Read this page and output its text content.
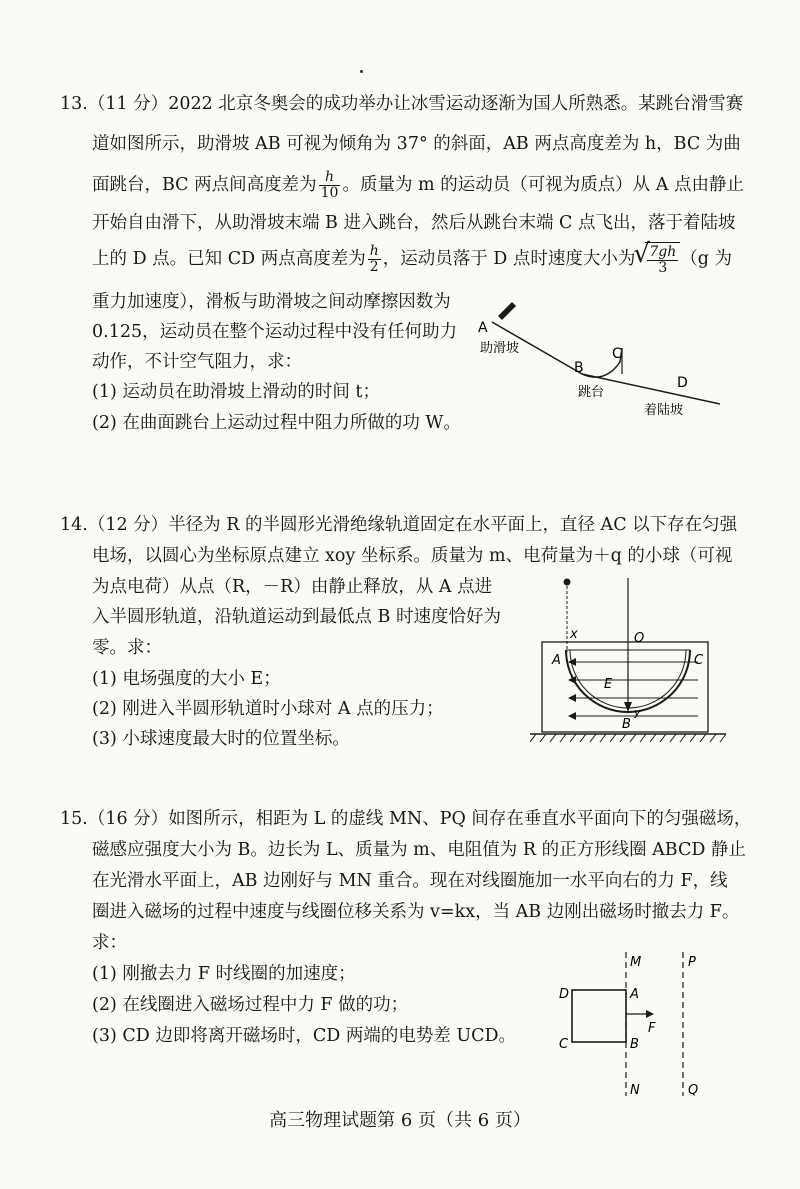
13.（11 分）2022 北京冬奥会的成功举办让冰雪运动逐渐为国人所熟悉。某跳台滑雪赛
道如图所示，助滑坡 AB 可视为倾角为 37° 的斜面，AB 两点高度差为 h，BC 为曲
面跳台，BC 两点间高度差为 $\frac{h}{10}$ 。质量为 m 的运动员（可视为质点）从 A 点由静止
开始自由滑下，从助滑坡末端 B 进入跳台，然后从跳台末端 C 点飞出，落于着陆坡
上的 D 点。已知 CD 两点高度差为 $\frac{h}{2}$ ，运动员落于 D 点时速度大小为
√ $\frac{7gh}{3} (g$ 为
重力加速度），滑板与助滑坡之间动摩擦因数为
0.125，运动员在整个运动过程中没有任何助力
动作，不计空气阻力，求：
(1) 运动员在助滑坡上滑动的时间 t；
(2) 在曲面跳台上运动过程中阻力所做的功 W。
A
助滑坡
B
C
D
跳台
着陆坡
14.（12 分）半径为 R 的半圆形光滑绝缘轨道固定在水平面上，直径 AC 以下存在匀强
电场，以圆心为坐标原点建立 xoy 坐标系。质量为 m、电荷量为＋q 的小球（可视
为点电荷）从点（R，－R）由静止释放，从 A 点进
入半圆形轨道，沿轨道运动到最低点 B 时速度恰好为
零。求：
(1) 电场强度的大小 E；
(2) 刚进入半圆形轨道时小球对 A 点的压力；
(3) 小球速度最大时的位置坐标。
x	O
A	C
E
y
B
15.（16 分）如图所示，相距为 L 的虚线 MN、PQ 间存在垂直水平面向下的匀强磁场，
磁感应强度大小为 B。边长为 L、质量为 m、电阻值为 R 的正方形线圈 ABCD 静止
在光滑水平面上，AB 边刚好与 MN 重合。现在对线圈施加一水平向右的力 F，线
圈进入磁场的过程中速度与线圈位移关系为 v=kx，当 AB 边刚出磁场时撤去力 F。
求：
(1) 刚撤去力 F 时线圈的加速度；
(2) 在线圈进入磁场过程中力 F 做的功；
(3) CD 边即将离开磁场时，CD 两端的电势差 UCD。
M	P
D	A
F
C	B
N	Q
高三物理试题第 6 页（共 6 页）
